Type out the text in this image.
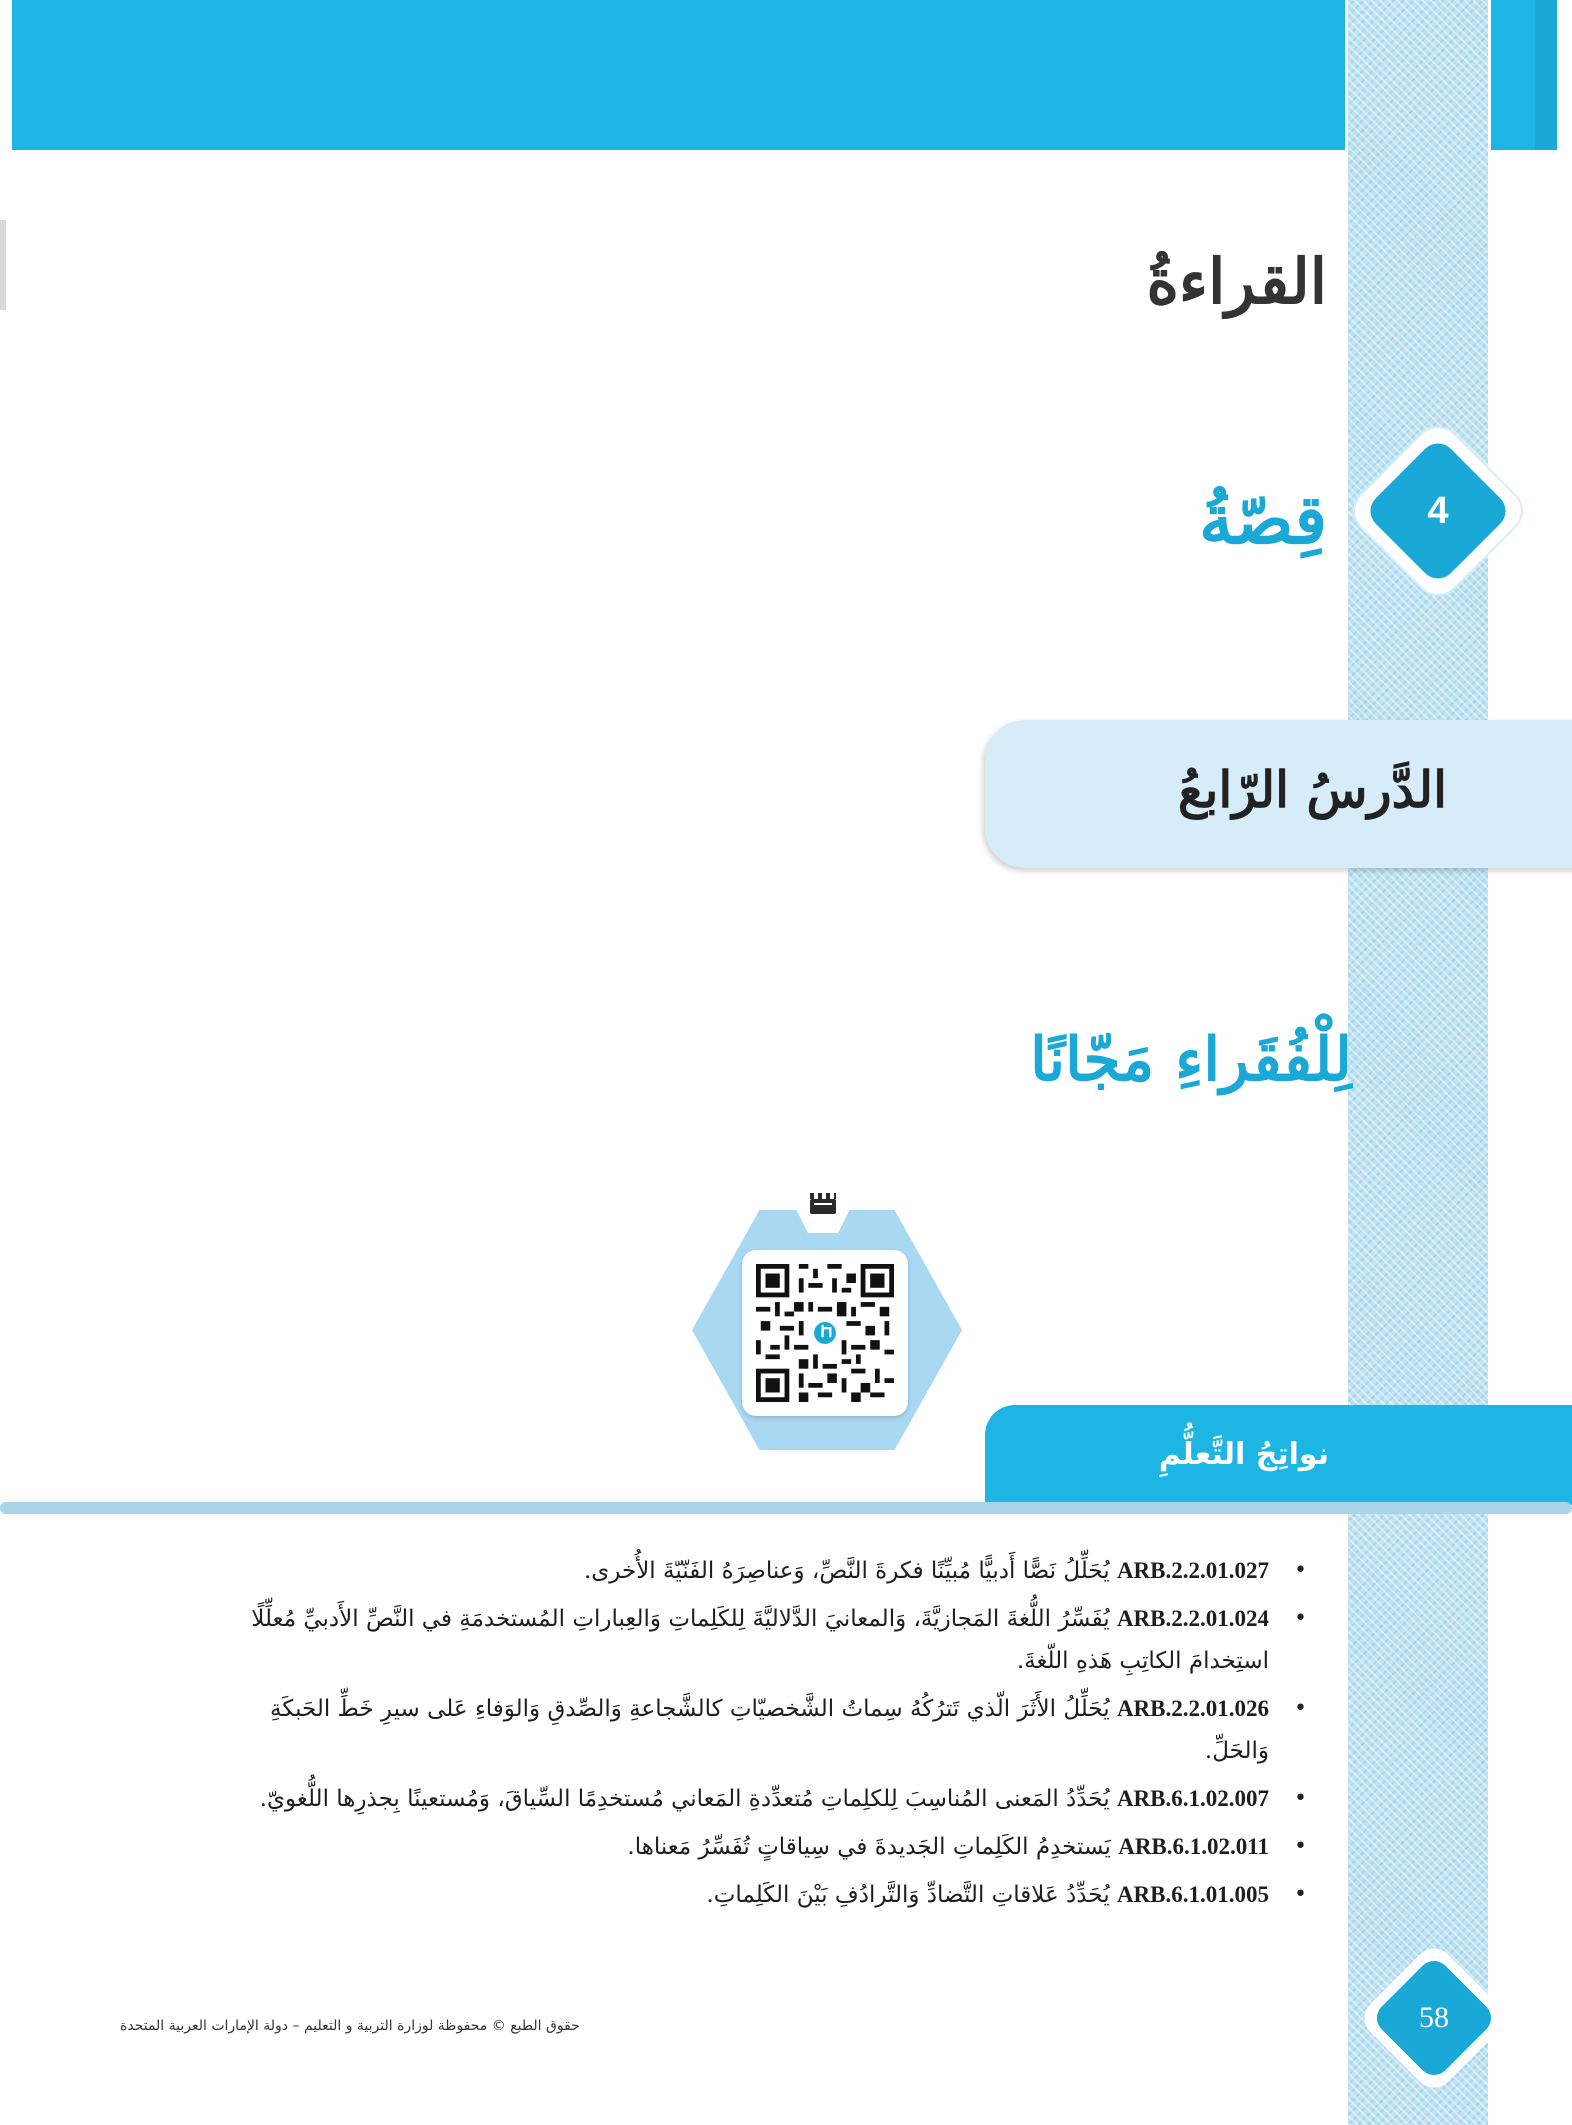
القراءةُ
4
قِصّةُ
الدَّرسُ الرّابعُ
لِلْفُقَراءِ مَجّانًا
نواتِجُ التَّعلُّمِ
•
ARB.2.2.01.027 يُحَلِّلُ نَصًّا أَدبيًّا مُبيِّنًا فكرةَ النَّصِّ، وَعناصِرَهُ الفَنّيّةَ الأُخرى.
•
ARB.2.2.01.024 يُفَسِّرُ اللُّغةَ المَجازيَّةَ، وَالمعانيَ الدَّلاليَّةَ لِلكَلِماتِ وَالعِباراتِ المُستخدمَةِ في النَّصِّ الأَدبيِّ مُعلِّلًا استِخدامَ الكاتِبِ هَذهِ اللّغةَ.
•
ARB.2.2.01.026 يُحَلِّلُ الأَثَرَ الّذي تَترُكُهُ سِماتُ الشَّخصيّاتِ كالشَّجاعةِ وَالصِّدقِ وَالوَفاءِ عَلى سيرِ خَطِّ الحَبكَةِ وَالحَلِّ.
•
ARB.6.1.02.007 يُحَدِّدُ المَعنى المُناسِبَ لِلكلِماتِ مُتعدِّدةِ المَعاني مُستخدِمًا السِّياقَ، وَمُستعينًا بِجذرِها اللُّغويّ.
•
ARB.6.1.02.011 يَستخدِمُ الكَلِماتِ الجَديدةَ في سِياقاتٍ تُفَسِّرُ مَعناها.
•
ARB.6.1.01.005 يُحَدِّدُ عَلاقاتِ التَّضادِّ وَالتَّرادُفِ بَيْنَ الكَلِماتِ.
58
حقوق الطبع © محفوظة لوزارة التربية و التعليم – دولة الإمارات العربية المتحدة
